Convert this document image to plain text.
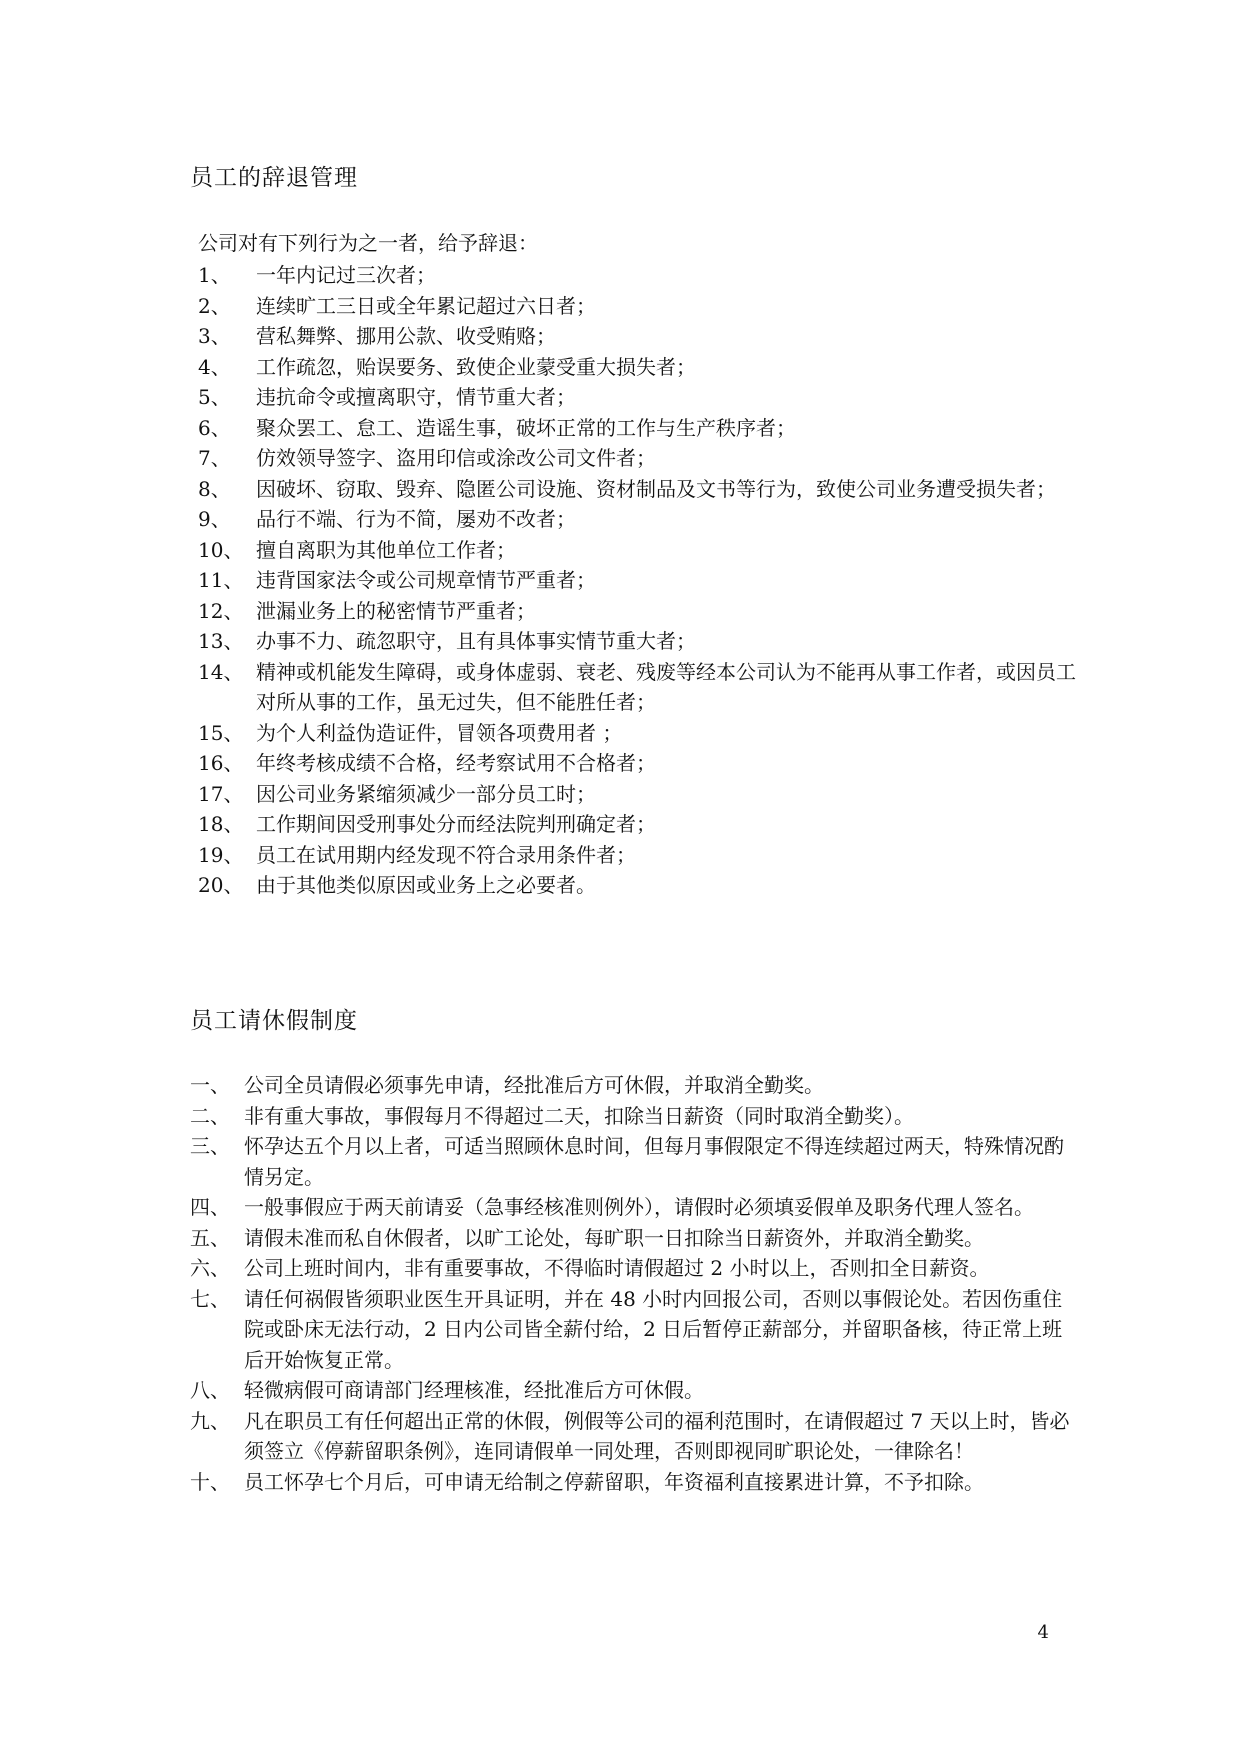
员工的辞退管理
公司对有下列行为之一者，给予辞退：
1、 一年内记过三次者；
2、 连续旷工三日或全年累记超过六日者；
3、 营私舞弊、挪用公款、收受贿赂；
4、 工作疏忽，贻误要务、致使企业蒙受重大损失者；
5、 违抗命令或擅离职守，情节重大者；
6、 聚众罢工、怠工、造谣生事，破坏正常的工作与生产秩序者；
7、 仿效领导签字、盗用印信或涂改公司文件者；
8、 因破坏、窃取、毁弃、隐匿公司设施、资材制品及文书等行为，致使公司业务遭受损失者；
9、 品行不端、行为不简，屡劝不改者；
10、 擅自离职为其他单位工作者；
11、 违背国家法令或公司规章情节严重者；
12、 泄漏业务上的秘密情节严重者；
13、 办事不力、疏忽职守，且有具体事实情节重大者；
14、 精神或机能发生障碍，或身体虚弱、衰老、残废等经本公司认为不能再从事工作者，或因员工对所从事的工作，虽无过失，但不能胜任者；
15、 为个人利益伪造证件，冒领各项费用者 ；
16、 年终考核成绩不合格，经考察试用不合格者；
17、 因公司业务紧缩须减少一部分员工时；
18、 工作期间因受刑事处分而经法院判刑确定者；
19、 员工在试用期内经发现不符合录用条件者；
20、 由于其他类似原因或业务上之必要者。
员工请休假制度
一、 公司全员请假必须事先申请，经批准后方可休假，并取消全勤奖。
二、 非有重大事故，事假每月不得超过二天，扣除当日薪资（同时取消全勤奖）。
三、 怀孕达五个月以上者，可适当照顾休息时间，但每月事假限定不得连续超过两天，特殊情况酌情另定。
四、 一般事假应于两天前请妥（急事经核准则例外），请假时必须填妥假单及职务代理人签名。
五、 请假未准而私自休假者，以旷工论处，每旷职一日扣除当日薪资外，并取消全勤奖。
六、 公司上班时间内，非有重要事故，不得临时请假超过 2 小时以上，否则扣全日薪资。
七、 请任何祸假皆须职业医生开具证明，并在 48 小时内回报公司，否则以事假论处。若因伤重住院或卧床无法行动，2 日内公司皆全薪付给，2 日后暂停正薪部分，并留职备核，待正常上班后开始恢复正常。
八、 轻微病假可商请部门经理核准，经批准后方可休假。
九、 凡在职员工有任何超出正常的休假，例假等公司的福利范围时，在请假超过 7 天以上时，皆必须签立《停薪留职条例》，连同请假单一同处理，否则即视同旷职论处，一律除名！
十、 员工怀孕七个月后，可申请无给制之停薪留职，年资福利直接累进计算，不予扣除。
4
